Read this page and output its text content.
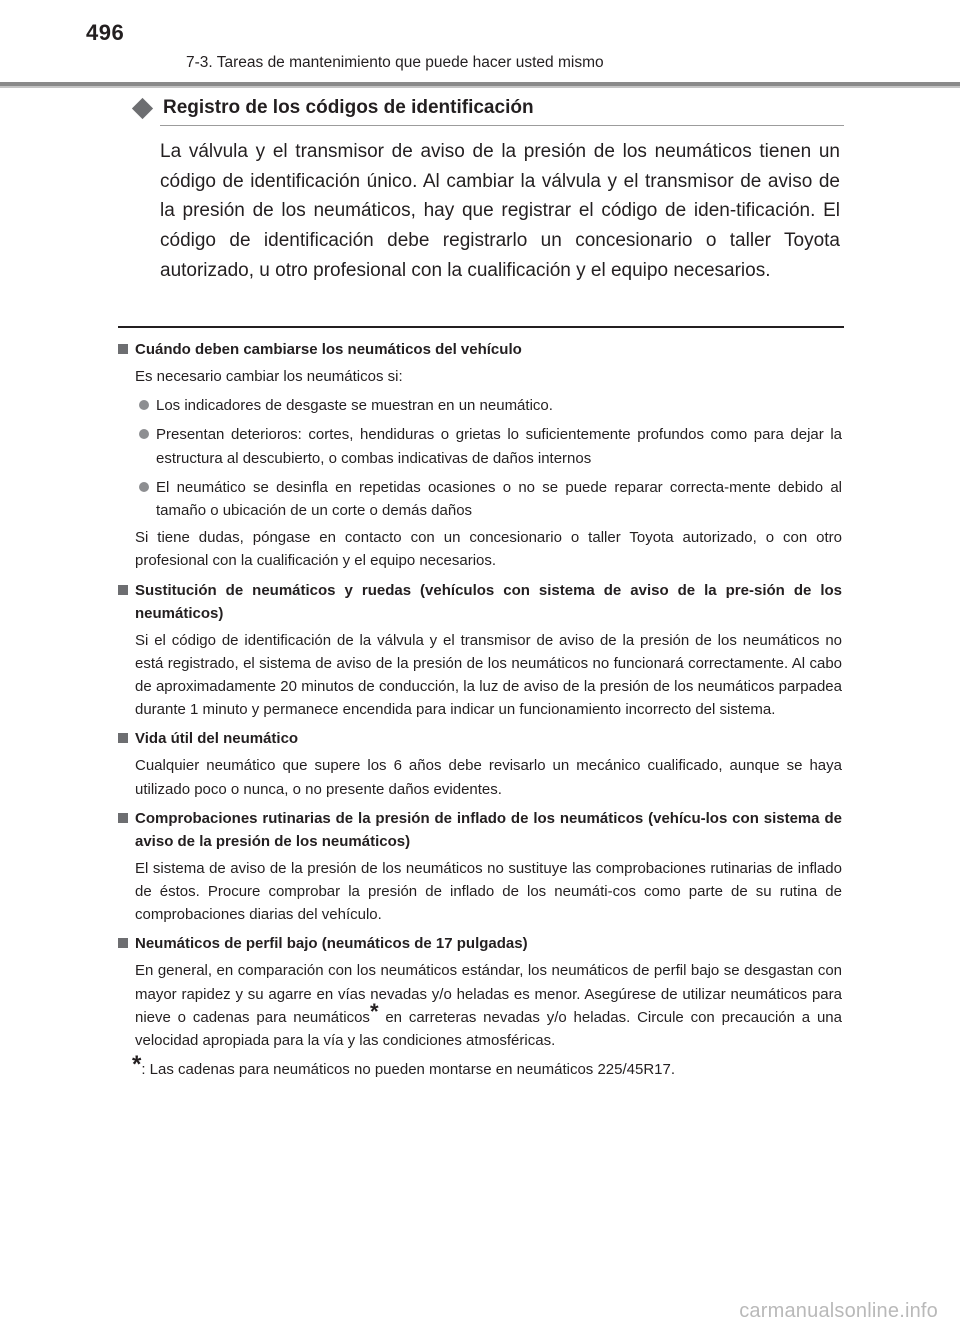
496
7-3. Tareas de mantenimiento que puede hacer usted mismo
Registro de los códigos de identificación
La válvula y el transmisor de aviso de la presión de los neumáticos tienen un código de identificación único. Al cambiar la válvula y el transmisor de aviso de la presión de los neumáticos, hay que registrar el código de iden-tificación. El código de identificación debe registrarlo un concesionario o taller Toyota autorizado, u otro profesional con la cualificación y el equipo necesarios.
Cuándo deben cambiarse los neumáticos del vehículo
Es necesario cambiar los neumáticos si:
Los indicadores de desgaste se muestran en un neumático.
Presentan deterioros: cortes, hendiduras o grietas lo suficientemente profundos como para dejar la estructura al descubierto, o combas indicativas de daños internos
El neumático se desinfla en repetidas ocasiones o no se puede reparar correcta-mente debido al tamaño o ubicación de un corte o demás daños
Si tiene dudas, póngase en contacto con un concesionario o taller Toyota autorizado, o con otro profesional con la cualificación y el equipo necesarios.
Sustitución de neumáticos y ruedas (vehículos con sistema de aviso de la pre-sión de los neumáticos)
Si el código de identificación de la válvula y el transmisor de aviso de la presión de los neumáticos no está registrado, el sistema de aviso de la presión de los neumáticos no funcionará correctamente. Al cabo de aproximadamente 20 minutos de conducción, la luz de aviso de la presión de los neumáticos parpadea durante 1 minuto y permanece encendida para indicar un funcionamiento incorrecto del sistema.
Vida útil del neumático
Cualquier neumático que supere los 6 años debe revisarlo un mecánico cualificado, aunque se haya utilizado poco o nunca, o no presente daños evidentes.
Comprobaciones rutinarias de la presión de inflado de los neumáticos (vehícu-los con sistema de aviso de la presión de los neumáticos)
El sistema de aviso de la presión de los neumáticos no sustituye las comprobaciones rutinarias de inflado de éstos. Procure comprobar la presión de inflado de los neumáti-cos como parte de su rutina de comprobaciones diarias del vehículo.
Neumáticos de perfil bajo (neumáticos de 17 pulgadas)
En general, en comparación con los neumáticos estándar, los neumáticos de perfil bajo se desgastan con mayor rapidez y su agarre en vías nevadas y/o heladas es menor. Asegúrese de utilizar neumáticos para nieve o cadenas para neumáticos* en carreteras nevadas y/o heladas. Circule con precaución a una velocidad apropiada para la vía y las condiciones atmosféricas.
*: Las cadenas para neumáticos no pueden montarse en neumáticos 225/45R17.
carmanualsonline.info
